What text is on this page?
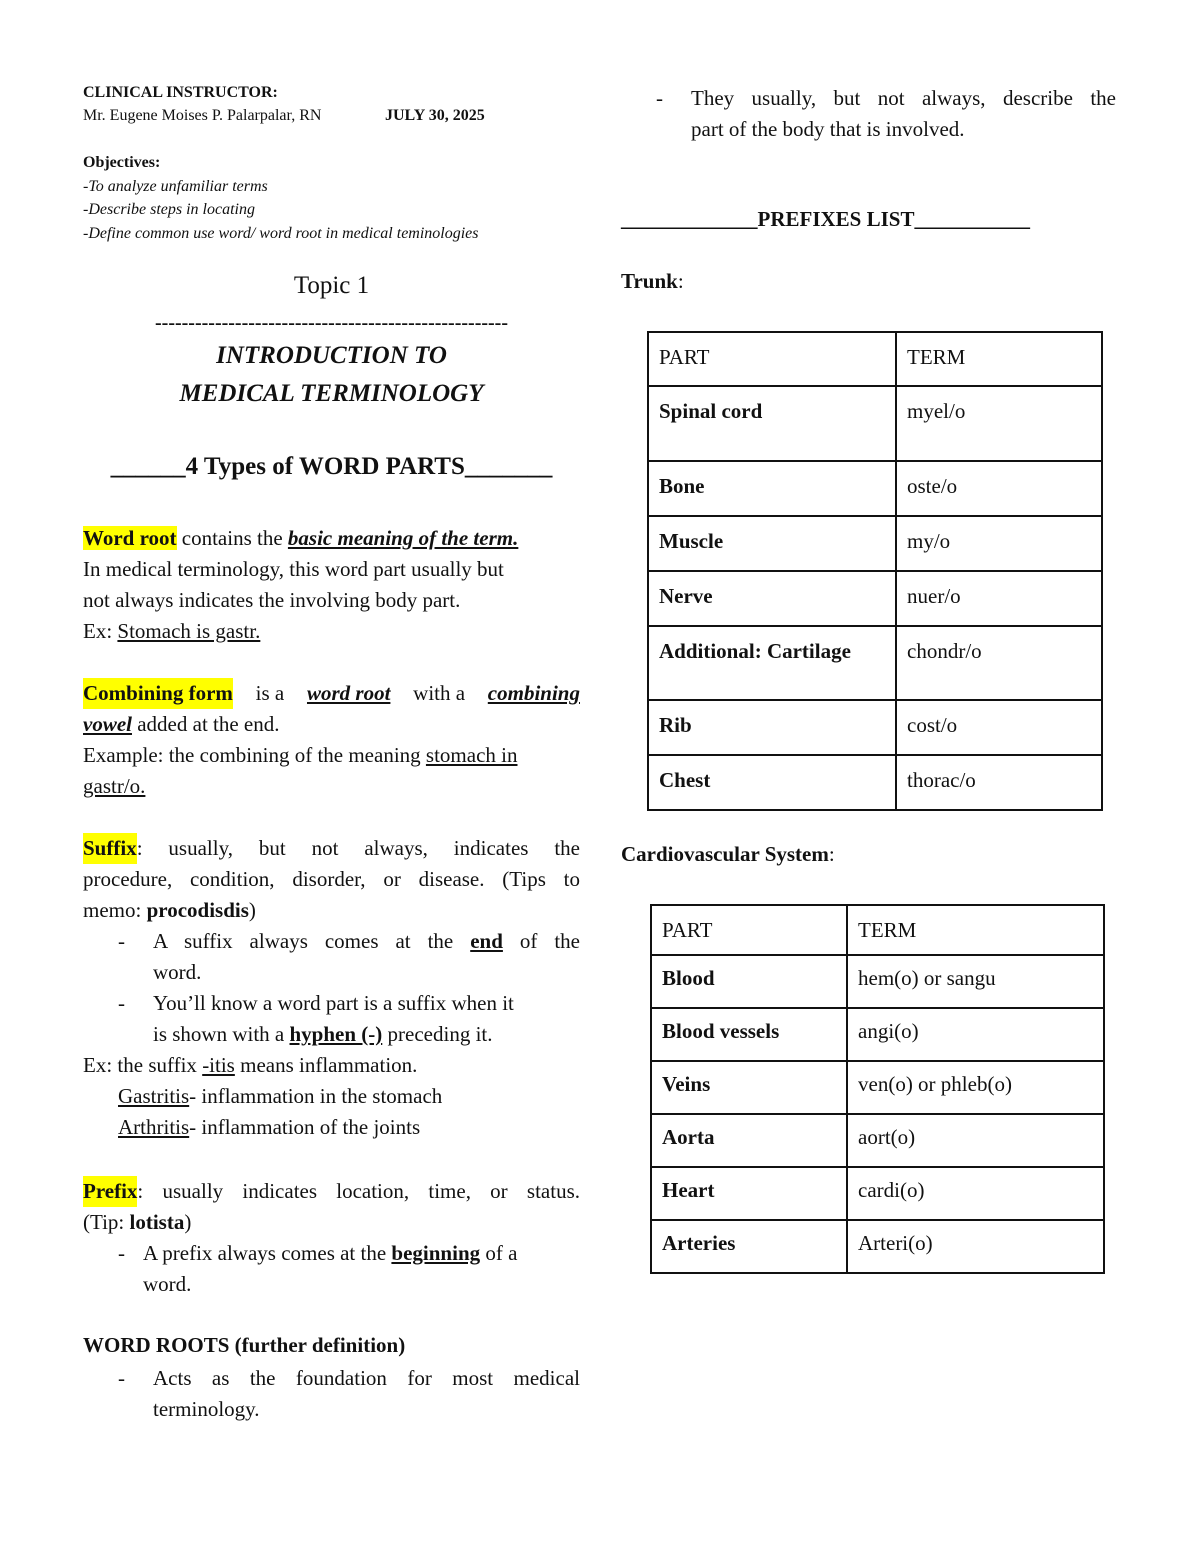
CLINICAL INSTRUCTOR:
Mr. Eugene Moises P. Palarpalar, RN	JULY 30, 2025
Objectives:
-To analyze unfamiliar terms
-Describe steps in locating
-Define common use word/ word root in medical teminologies
Topic 1
-----------------------------------------------------
INTRODUCTION TO
MEDICAL TERMINOLOGY
______4 Types of WORD PARTS_______
Word root contains the basic meaning of the term.
In medical terminology, this word part usually but
not always indicates the involving body part.
Ex: Stomach is gastr.
Combining form is a word root with a combining
vowel added at the end.
Example: the combining of the meaning stomach in
gastr/o.
Suffix : usually, but not always, indicates the
procedure, condition, disorder, or disease. (Tips to
memo: procodisdis)
- A suffix always comes at the end of the
word.
- You’ll know a word part is a suffix when it
is shown with a hyphen (-) preceding it.
Ex: the suffix -itis means inflammation.
Gastritis- inflammation in the stomach
Arthritis- inflammation of the joints
Prefix : usually indicates location, time, or status.
(Tip: lotista)
- A prefix always comes at the beginning of a
word.
WORD ROOTS (further definition)
- Acts as the foundation for most medical
terminology.
- They usually, but not always, describe the
part of the body that is involved.
_____________PREFIXES LIST___________
Trunk:
PART	TERM
Spinal cord	myel/o
Bone	oste/o
Muscle	my/o
Nerve	nuer/o
Additional: Cartilage	chondr/o
Rib	cost/o
Chest	thorac/o
Cardiovascular System:
PART	TERM
Blood	hem(o) or sangu
Blood vessels	angi(o)
Veins	ven(o) or phleb(o)
Aorta	aort(o)
Heart	cardi(o)
Arteries	Arteri(o)
